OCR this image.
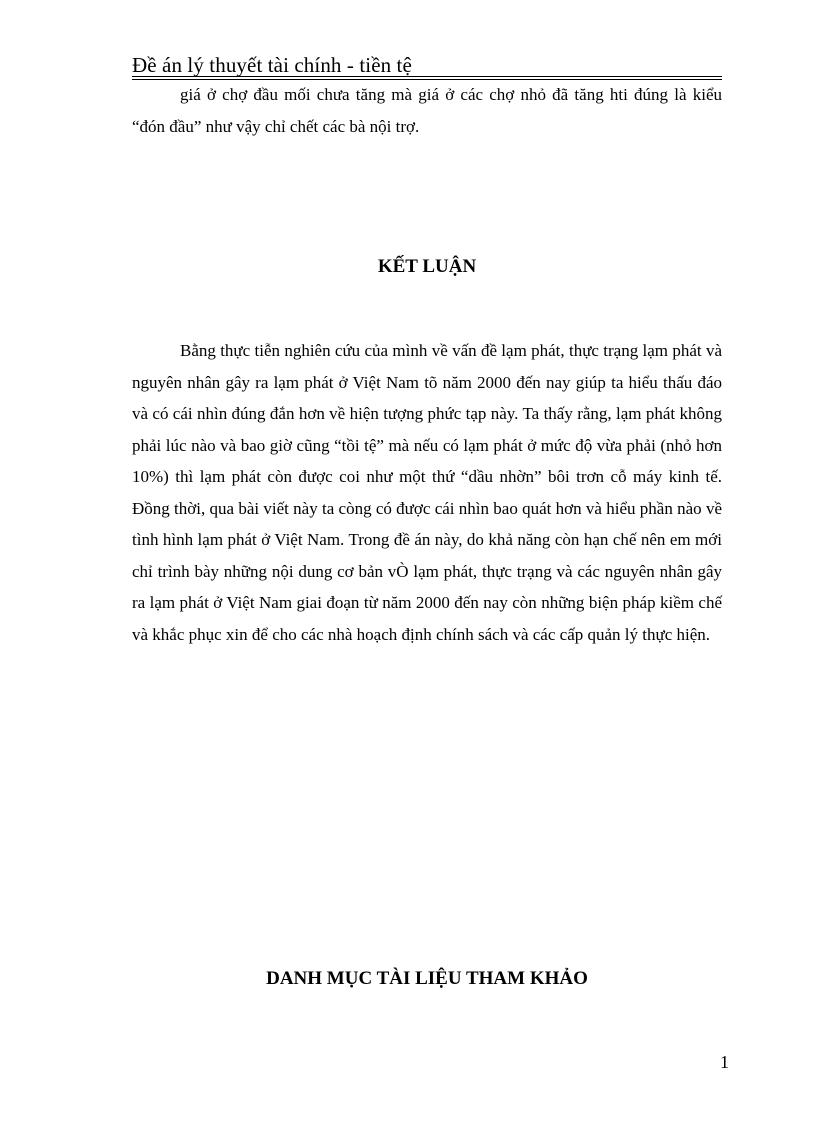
Đề án lý thuyết tài chính - tiền tệ

giá ở chợ đầu mối chưa tăng mà giá ở các chợ nhỏ đã tăng hti đúng là kiểu “đón đầu” như vậy chỉ chết các bà nội trợ.

KẾT LUẬN

Bằng thực tiễn nghiên cứu của mình về vấn đề lạm phát, thực trạng lạm phát và nguyên nhân gây ra lạm phát ở Việt Nam tõ năm 2000 đến nay giúp ta hiểu thấu đáo và có cái nhìn đúng đắn hơn về hiện tượng phức tạp này. Ta thấy rằng, lạm phát không phải lúc nào và bao giờ cũng “tồi tệ” mà nếu có lạm phát ở mức độ vừa phải (nhỏ hơn 10%) thì lạm phát còn được coi như một thứ “dầu nhờn” bôi trơn cỗ máy kinh tế. Đồng thời, qua bài viết này ta còng có được cái nhìn bao quát hơn và hiểu phần nào về tình hình lạm phát ở Việt Nam. Trong đề án này, do khả năng còn hạn chế nên em mới chỉ trình bày những nội dung cơ bản vÒ lạm phát, thực trạng và các nguyên nhân gây ra lạm phát ở Việt Nam giai đoạn từ năm 2000 đến nay còn những biện pháp kiềm chế và khắc phục xin để cho các nhà hoạch định chính sách và các cấp quản lý thực hiện.

DANH MỤC TÀI LIỆU THAM KHẢO
1
